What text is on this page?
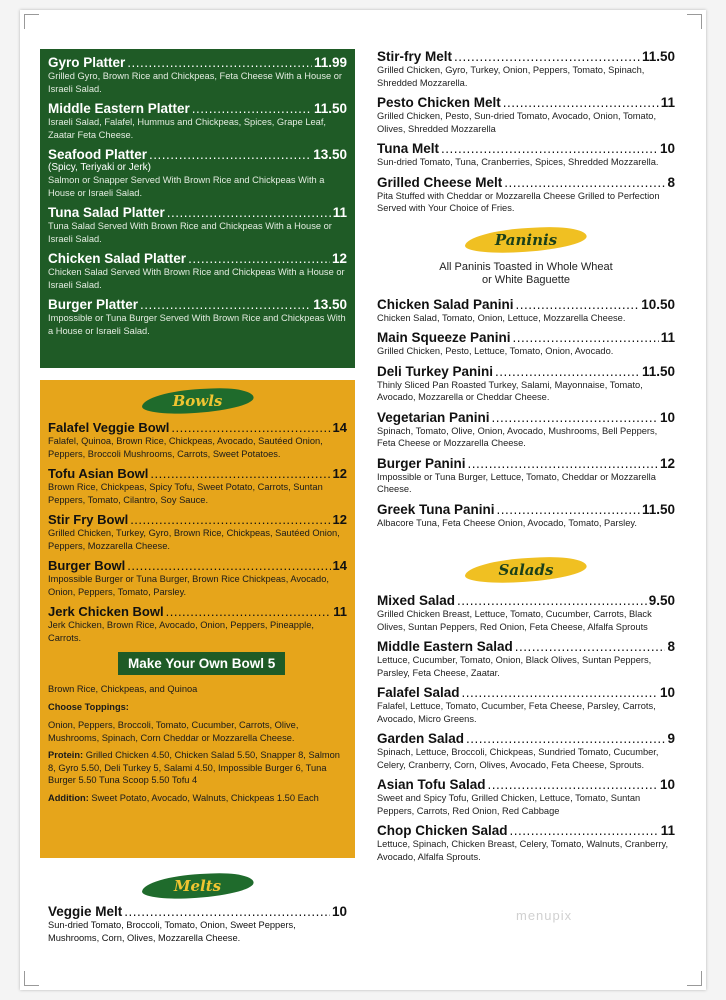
Gyro Platter .....	11.99
Grilled Gyro, Brown Rice and Chickpeas, Feta Cheese With a House or Israeli Salad.
Middle Eastern Platter .....	11.50
Israeli Salad, Falafel, Hummus and Chickpeas, Spices, Grape Leaf, Zaatar Feta Cheese.
Seafood Platter .....	13.50
(Spicy, Teriyaki or Jerk)
Salmon or Snapper Served With Brown Rice and Chickpeas With a House or Israeli Salad.
Tuna Salad Platter .....	11
Tuna Salad Served With Brown Rice and Chickpeas With a House or Israeli Salad.
Chicken Salad Platter .....	12
Chicken Salad Served With Brown Rice and Chickpeas With a House or Israeli Salad.
Burger Platter .....	13.50
Impossible or Tuna Burger Served With Brown Rice and Chickpeas With a House or Israeli Salad.
Bowls
Falafel Veggie Bowl .....	14
Falafel, Quinoa, Brown Rice, Chickpeas, Avocado, Sautéed Onion, Peppers, Broccoli Mushrooms, Carrots, Sweet Potatoes.
Tofu Asian Bowl .....	12
Brown Rice, Chickpeas, Spicy Tofu, Sweet Potato, Carrots, Suntan Peppers, Tomato, Cilantro, Soy Sauce.
Stir Fry Bowl .....	12
Grilled Chicken, Turkey, Gyro, Brown Rice, Chickpeas, Sautéed Onion, Peppers, Mozzarella Cheese.
Burger Bowl .....	14
Impossible Burger or Tuna Burger, Brown Rice Chickpeas, Avocado, Onion, Peppers, Tomato, Parsley.
Jerk Chicken Bowl .....	11
Jerk Chicken, Brown Rice, Avocado, Onion, Peppers, Pineapple, Carrots.
Make Your Own Bowl 5
Brown Rice, Chickpeas, and Quinoa
Choose Toppings:
Onion, Peppers, Broccoli, Tomato, Cucumber, Carrots, Olive, Mushrooms, Spinach, Corn Cheddar or Mozzarella Cheese.
Protein: Grilled Chicken 4.50, Chicken Salad 5.50, Snapper 8, Salmon 8, Gyro 5.50, Deli Turkey 5, Salami 4.50, Impossible Burger 6, Tuna Burger 5.50 Tuna Scoop 5.50 Tofu 4
Addition: Sweet Potato, Avocado, Walnuts, Chickpeas 1.50 Each
Melts
Veggie Melt .....	10
Sun-dried Tomato, Broccoli, Tomato, Onion, Sweet Peppers, Mushrooms, Corn, Olives, Mozzarella Cheese.
Stir-fry Melt .....	11.50
Grilled Chicken, Gyro, Turkey, Onion, Peppers, Tomato, Spinach, Shredded Mozzarella.
Pesto Chicken Melt .....	11
Grilled Chicken, Pesto, Sun-dried Tomato, Avocado, Onion, Tomato, Olives, Shredded Mozzarella
Tuna Melt .....	10
Sun-dried Tomato, Tuna, Cranberries, Spices, Shredded Mozzarella.
Grilled Cheese Melt .....	8
Pita Stuffed with Cheddar or Mozzarella Cheese Grilled to Perfection Served with Your Choice of Fries.
Paninis
All Paninis Toasted in Whole Wheat
or White Baguette
Chicken Salad Panini .....	10.50
Chicken Salad, Tomato, Onion, Lettuce, Mozzarella Cheese.
Main Squeeze Panini .....	11
Grilled Chicken, Pesto, Lettuce, Tomato, Onion, Avocado.
Deli Turkey Panini .....	11.50
Thinly Sliced Pan Roasted Turkey, Salami, Mayonnaise, Tomato, Avocado, Mozzarella or Cheddar Cheese.
Vegetarian Panini .....	10
Spinach, Tomato, Olive, Onion, Avocado, Mushrooms, Bell Peppers, Feta Cheese or Mozzarella Cheese.
Burger Panini .....	12
Impossible or Tuna Burger, Lettuce, Tomato, Cheddar or Mozzarella Cheese.
Greek Tuna Panini .....	11.50
Albacore Tuna, Feta Cheese Onion, Avocado, Tomato, Parsley.
Salads
Mixed Salad .....	9.50
Grilled Chicken Breast, Lettuce, Tomato, Cucumber, Carrots, Black Olives, Suntan Peppers, Red Onion, Feta Cheese, Alfalfa Sprouts
Middle Eastern Salad .....	8
Lettuce, Cucumber, Tomato, Onion, Black Olives, Suntan Peppers, Parsley, Feta Cheese, Zaatar.
Falafel Salad .....	10
Falafel, Lettuce, Tomato, Cucumber, Feta Cheese, Parsley, Carrots, Avocado, Micro Greens.
Garden Salad .....	9
Spinach, Lettuce, Broccoli, Chickpeas, Sundried Tomato, Cucumber, Celery, Cranberry, Corn, Olives, Avocado, Feta Cheese, Sprouts.
Asian Tofu Salad .....	10
Sweet and Spicy Tofu, Grilled Chicken, Lettuce, Tomato, Suntan Peppers, Carrots, Red Onion, Red Cabbage
Chop Chicken Salad .....	11
Lettuce, Spinach, Chicken Breast, Celery, Tomato, Walnuts, Cranberry, Avocado, Alfalfa Sprouts.
menupix
